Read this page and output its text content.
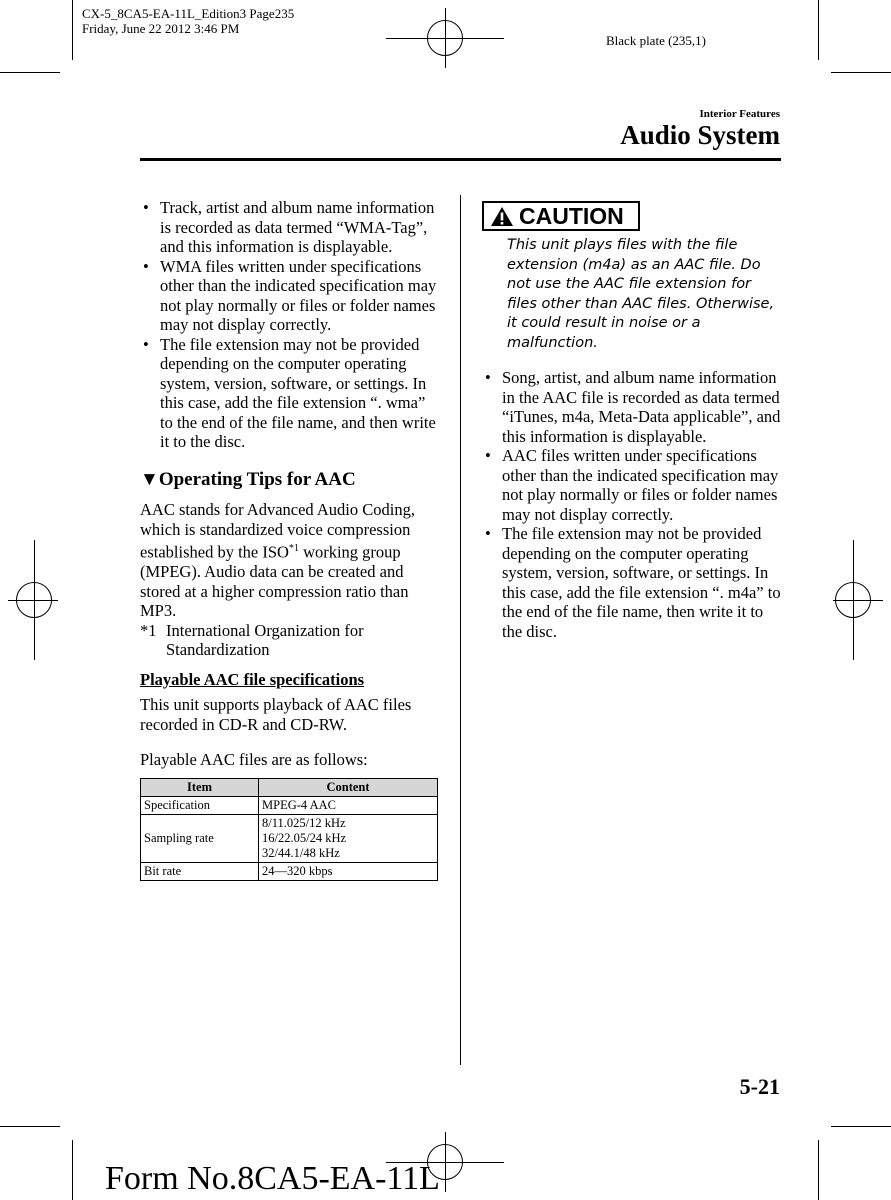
CX-5_8CA5-EA-11L_Edition3 Page235
Friday, June 22 2012 3:46 PM
Black plate (235,1)
Interior Features
Audio System
• Track, artist and album name information is recorded as data termed “WMA-Tag”, and this information is displayable.
• WMA files written under specifications other than the indicated specification may not play normally or files or folder names may not display correctly.
• The file extension may not be provided depending on the computer operating system, version, software, or settings. In this case, add the file extension “. wma” to the end of the file name, and then write it to the disc.
▼Operating Tips for AAC

AAC stands for Advanced Audio Coding, which is standardized voice compression established by the ISO$^{*1}$ working group (MPEG). Audio data can be created and stored at a higher compression ratio than MP3.

*1 International Organization for Standardization
Playable AAC file specifications

This unit supports playback of AAC files recorded in CD-R and CD-RW.

Playable AAC files are as follows:

Item	Content
Specification	MPEG-4 AAC

Sampling rate	8/11.025/12 kHz
16/22.05/24 kHz
32/44.1/48 kHz

Bit rate	24—320 kbps
CAUTION
This unit plays files with the file extension (m4a) as an AAC file. Do not use the AAC file extension for files other than AAC files. Otherwise, it could result in noise or a malfunction.
• Song, artist, and album name information in the AAC file is recorded as data termed “iTunes, m4a, Meta-Data applicable”, and this information is displayable.
• AAC files written under specifications other than the indicated specification may not play normally or files or folder names may not display correctly.
• The file extension may not be provided depending on the computer operating system, version, software, or settings. In this case, add the file extension “. m4a” to the end of the file name, then write it to the disc.
5-21
Form No.8CA5-EA-11L
